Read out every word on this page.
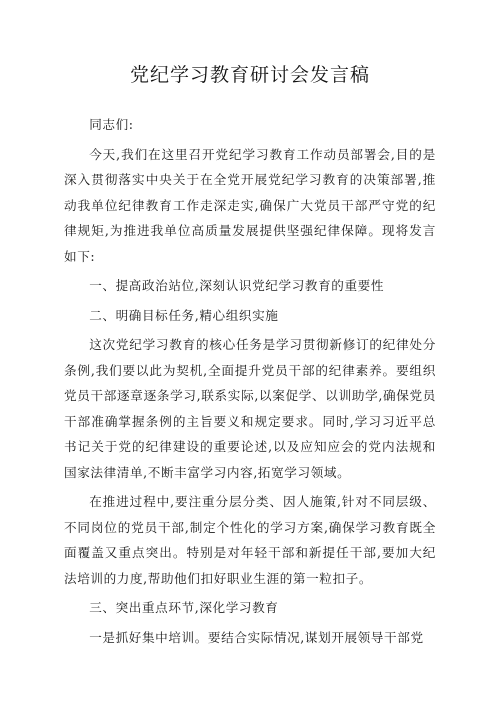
党纪学习教育研讨会发言稿

同志们:

今天,我们在这里召开党纪学习教育工作动员部署会,目的是深入贯彻落实中央关于在全党开展党纪学习教育的决策部署,推动我单位纪律教育工作走深走实,确保广大党员干部严守党的纪律规矩,为推进我单位高质量发展提供坚强纪律保障。现将发言如下:

一、提高政治站位,深刻认识党纪学习教育的重要性

二、明确目标任务,精心组织实施

这次党纪学习教育的核心任务是学习贯彻新修订的纪律处分条例,我们要以此为契机,全面提升党员干部的纪律素养。要组织党员干部逐章逐条学习,联系实际,以案促学、以训助学,确保党员干部准确掌握条例的主旨要义和规定要求。同时,学习习近平总书记关于党的纪律建设的重要论述,以及应知应会的党内法规和国家法律清单,不断丰富学习内容,拓宽学习领域。

在推进过程中,要注重分层分类、因人施策,针对不同层级、不同岗位的党员干部,制定个性化的学习方案,确保学习教育既全面覆盖又重点突出。特别是对年轻干部和新提任干部,要加大纪法培训的力度,帮助他们扣好职业生涯的第一粒扣子。

三、突出重点环节,深化学习教育

一是抓好集中培训。要结合实际情况,谋划开展领导干部党
